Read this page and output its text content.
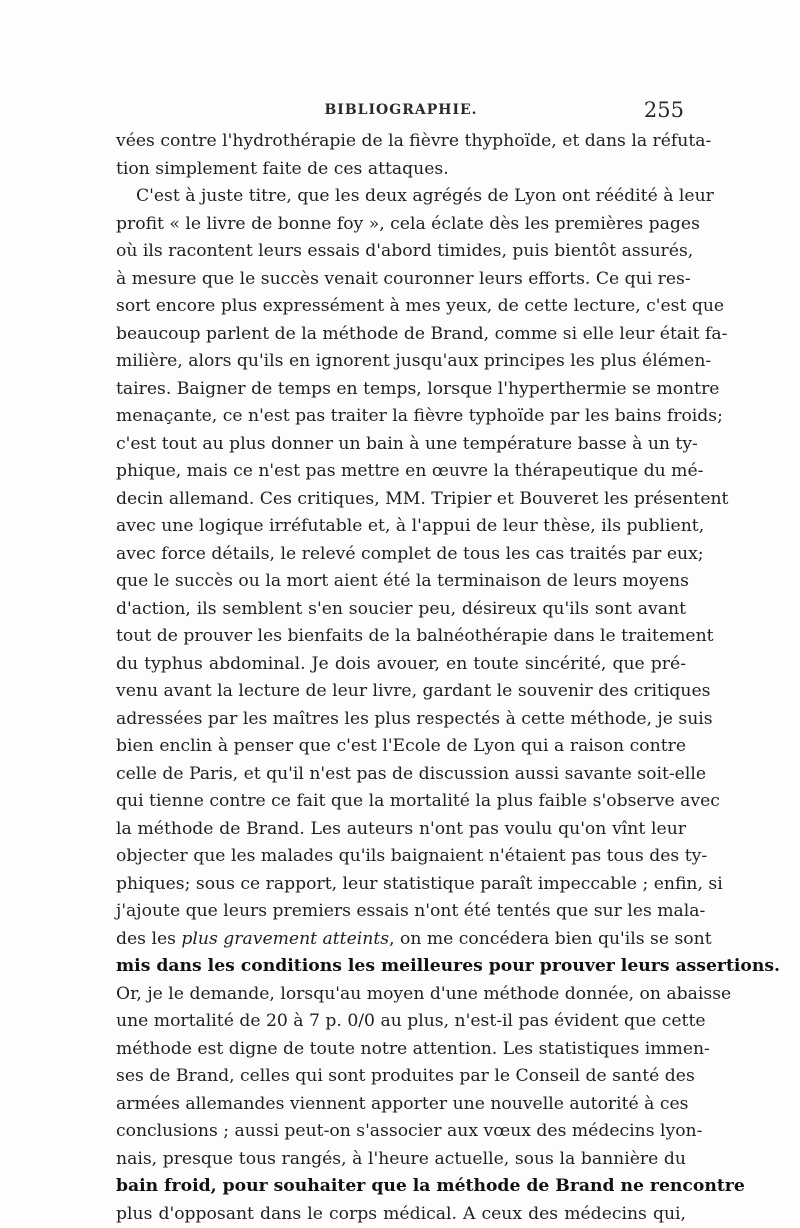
BIBLIOGRAPHIE.	255
vées contre l'hydrothérapie de la fièvre thyphoïde, et dans la réfuta-
tion simplement faite de ces attaques.
C'est à juste titre, que les deux agrégés de Lyon ont réédité à leur
profit « le livre de bonne foy », cela éclate dès les premières pages
où ils racontent leurs essais d'abord timides, puis bientôt assurés,
à mesure que le succès venait couronner leurs efforts. Ce qui res-
sort encore plus expressément à mes yeux, de cette lecture, c'est que
beaucoup parlent de la méthode de Brand, comme si elle leur était fa-
milière, alors qu'ils en ignorent jusqu'aux principes les plus élémen-
taires. Baigner de temps en temps, lorsque l'hyperthermie se montre
menaçante, ce n'est pas traiter la fièvre typhoïde par les bains froids;
c'est tout au plus donner un bain à une température basse à un ty-
phique, mais ce n'est pas mettre en œuvre la thérapeutique du mé-
decin allemand. Ces critiques, MM. Tripier et Bouveret les présentent
avec une logique irréfutable et, à l'appui de leur thèse, ils publient,
avec force détails, le relevé complet de tous les cas traités par eux;
que le succès ou la mort aient été la terminaison de leurs moyens
d'action, ils semblent s'en soucier peu, désireux qu'ils sont avant
tout de prouver les bienfaits de la balnéothérapie dans le traitement
du typhus abdominal. Je dois avouer, en toute sincérité, que pré-
venu avant la lecture de leur livre, gardant le souvenir des critiques
adressées par les maîtres les plus respectés à cette méthode, je suis
bien enclin à penser que c'est l'Ecole de Lyon qui a raison contre
celle de Paris, et qu'il n'est pas de discussion aussi savante soit-elle
qui tienne contre ce fait que la mortalité la plus faible s'observe avec
la méthode de Brand. Les auteurs n'ont pas voulu qu'on vînt leur
objecter que les malades qu'ils baignaient n'étaient pas tous des ty-
phiques; sous ce rapport, leur statistique paraît impeccable ; enfin, si
j'ajoute que leurs premiers essais n'ont été tentés que sur les mala-
des les plus gravement atteints, on me concédera bien qu'ils se sont
mis dans les conditions les meilleures pour prouver leurs assertions.
Or, je le demande, lorsqu'au moyen d'une méthode donnée, on abaisse
une mortalité de 20 à 7 p. 0/0 au plus, n'est-il pas évident que cette
méthode est digne de toute notre attention. Les statistiques immen-
ses de Brand, celles qui sont produites par le Conseil de santé des
armées allemandes viennent apporter une nouvelle autorité à ces
conclusions ; aussi peut-on s'associer aux vœux des médecins lyon-
nais, presque tous rangés, à l'heure actuelle, sous la bannière du
bain froid, pour souhaiter que la méthode de Brand ne rencontre
plus d'opposant dans le corps médical. A ceux des médecins qui,
